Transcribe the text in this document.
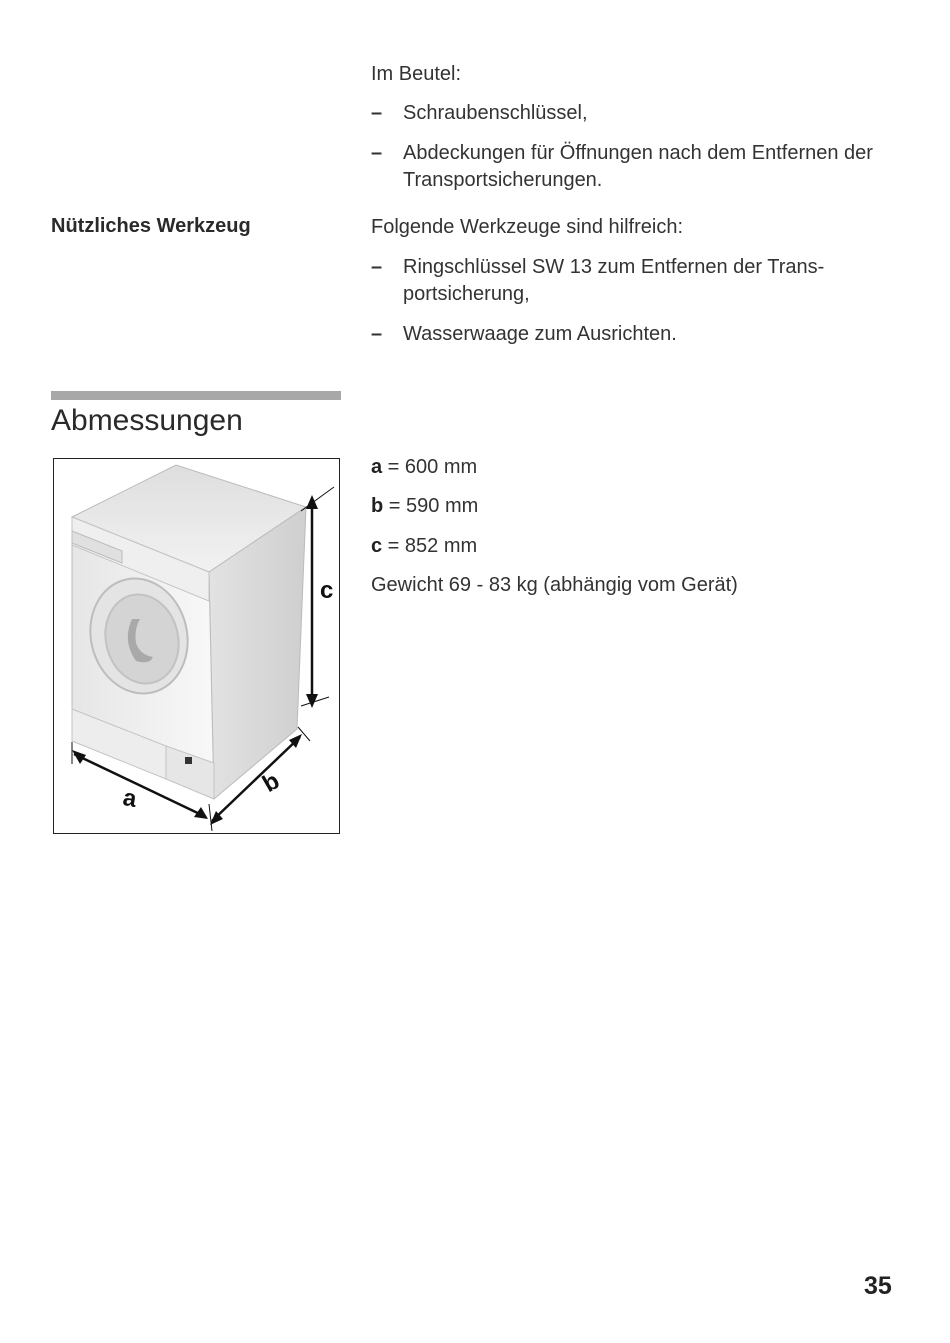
Im Beutel:
– Schraubenschlüssel,
– Abdeckungen für Öffnungen nach dem Entfernen der Transportsicherungen.
Nützliches Werkzeug	Folgende Werkzeuge sind hilfreich:
– Ringschlüssel SW 13 zum Entfernen der Trans- portsicherung,
– Wasserwaage zum Ausrichten.
Abmessungen
c
a
b
a = 600 mm
b = 590 mm
c = 852 mm
Gewicht 69 - 83 kg (abhängig vom Gerät)
35
